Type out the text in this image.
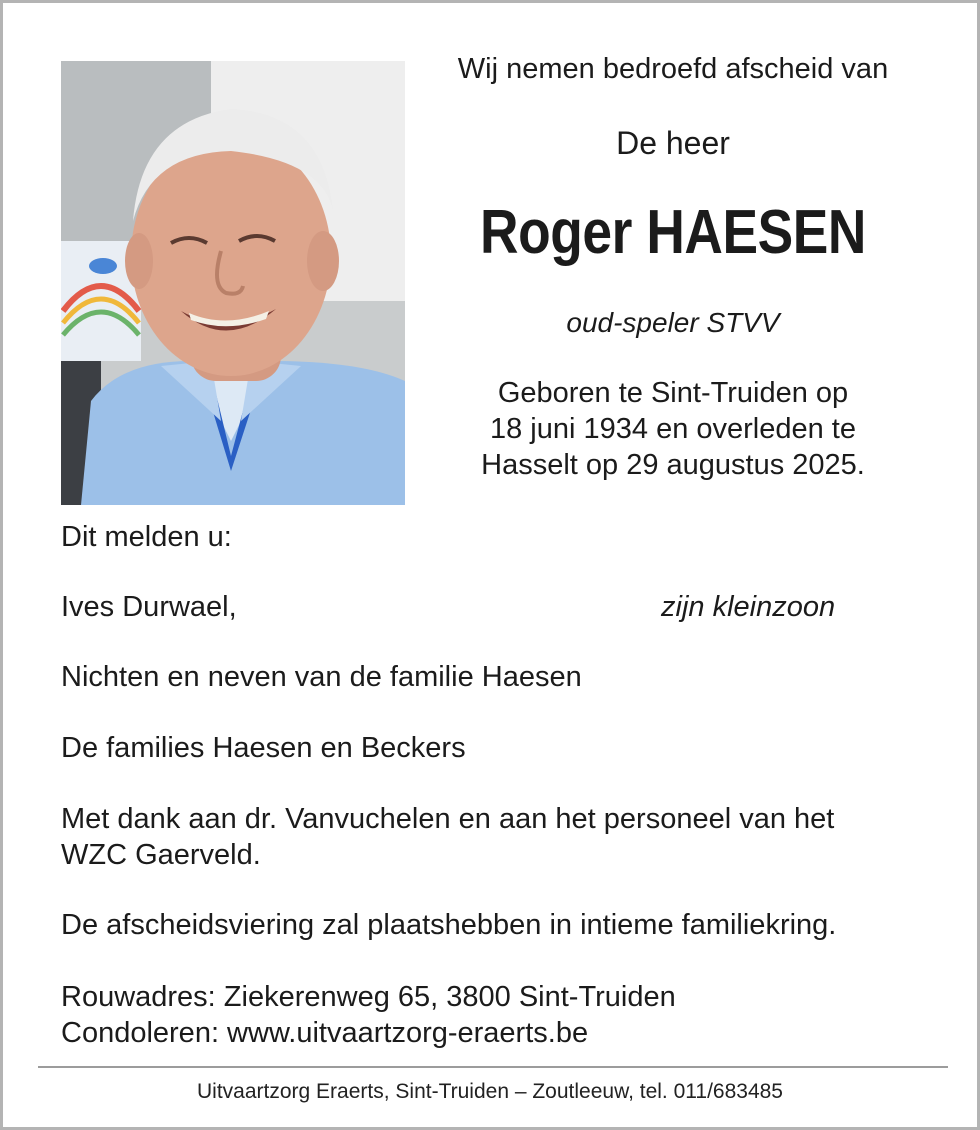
Wij nemen bedroefd afscheid van
De heer
Roger HAESEN
oud-speler STVV
Geboren te Sint-Truiden op
18 juni 1934 en overleden te
Hasselt op 29 augustus 2025.
Dit melden u:
Ives Durwael,	zijn kleinzoon
Nichten en neven van de familie Haesen
De families Haesen en Beckers
Met dank aan dr. Vanvuchelen en aan het personeel van het
WZC Gaerveld.
De afscheidsviering zal plaatshebben in intieme familiekring.
Rouwadres: Ziekerenweg 65, 3800 Sint-Truiden
Condoleren: www.uitvaartzorg-eraerts.be
Uitvaartzorg Eraerts, Sint-Truiden – Zoutleeuw, tel. 011/683485
